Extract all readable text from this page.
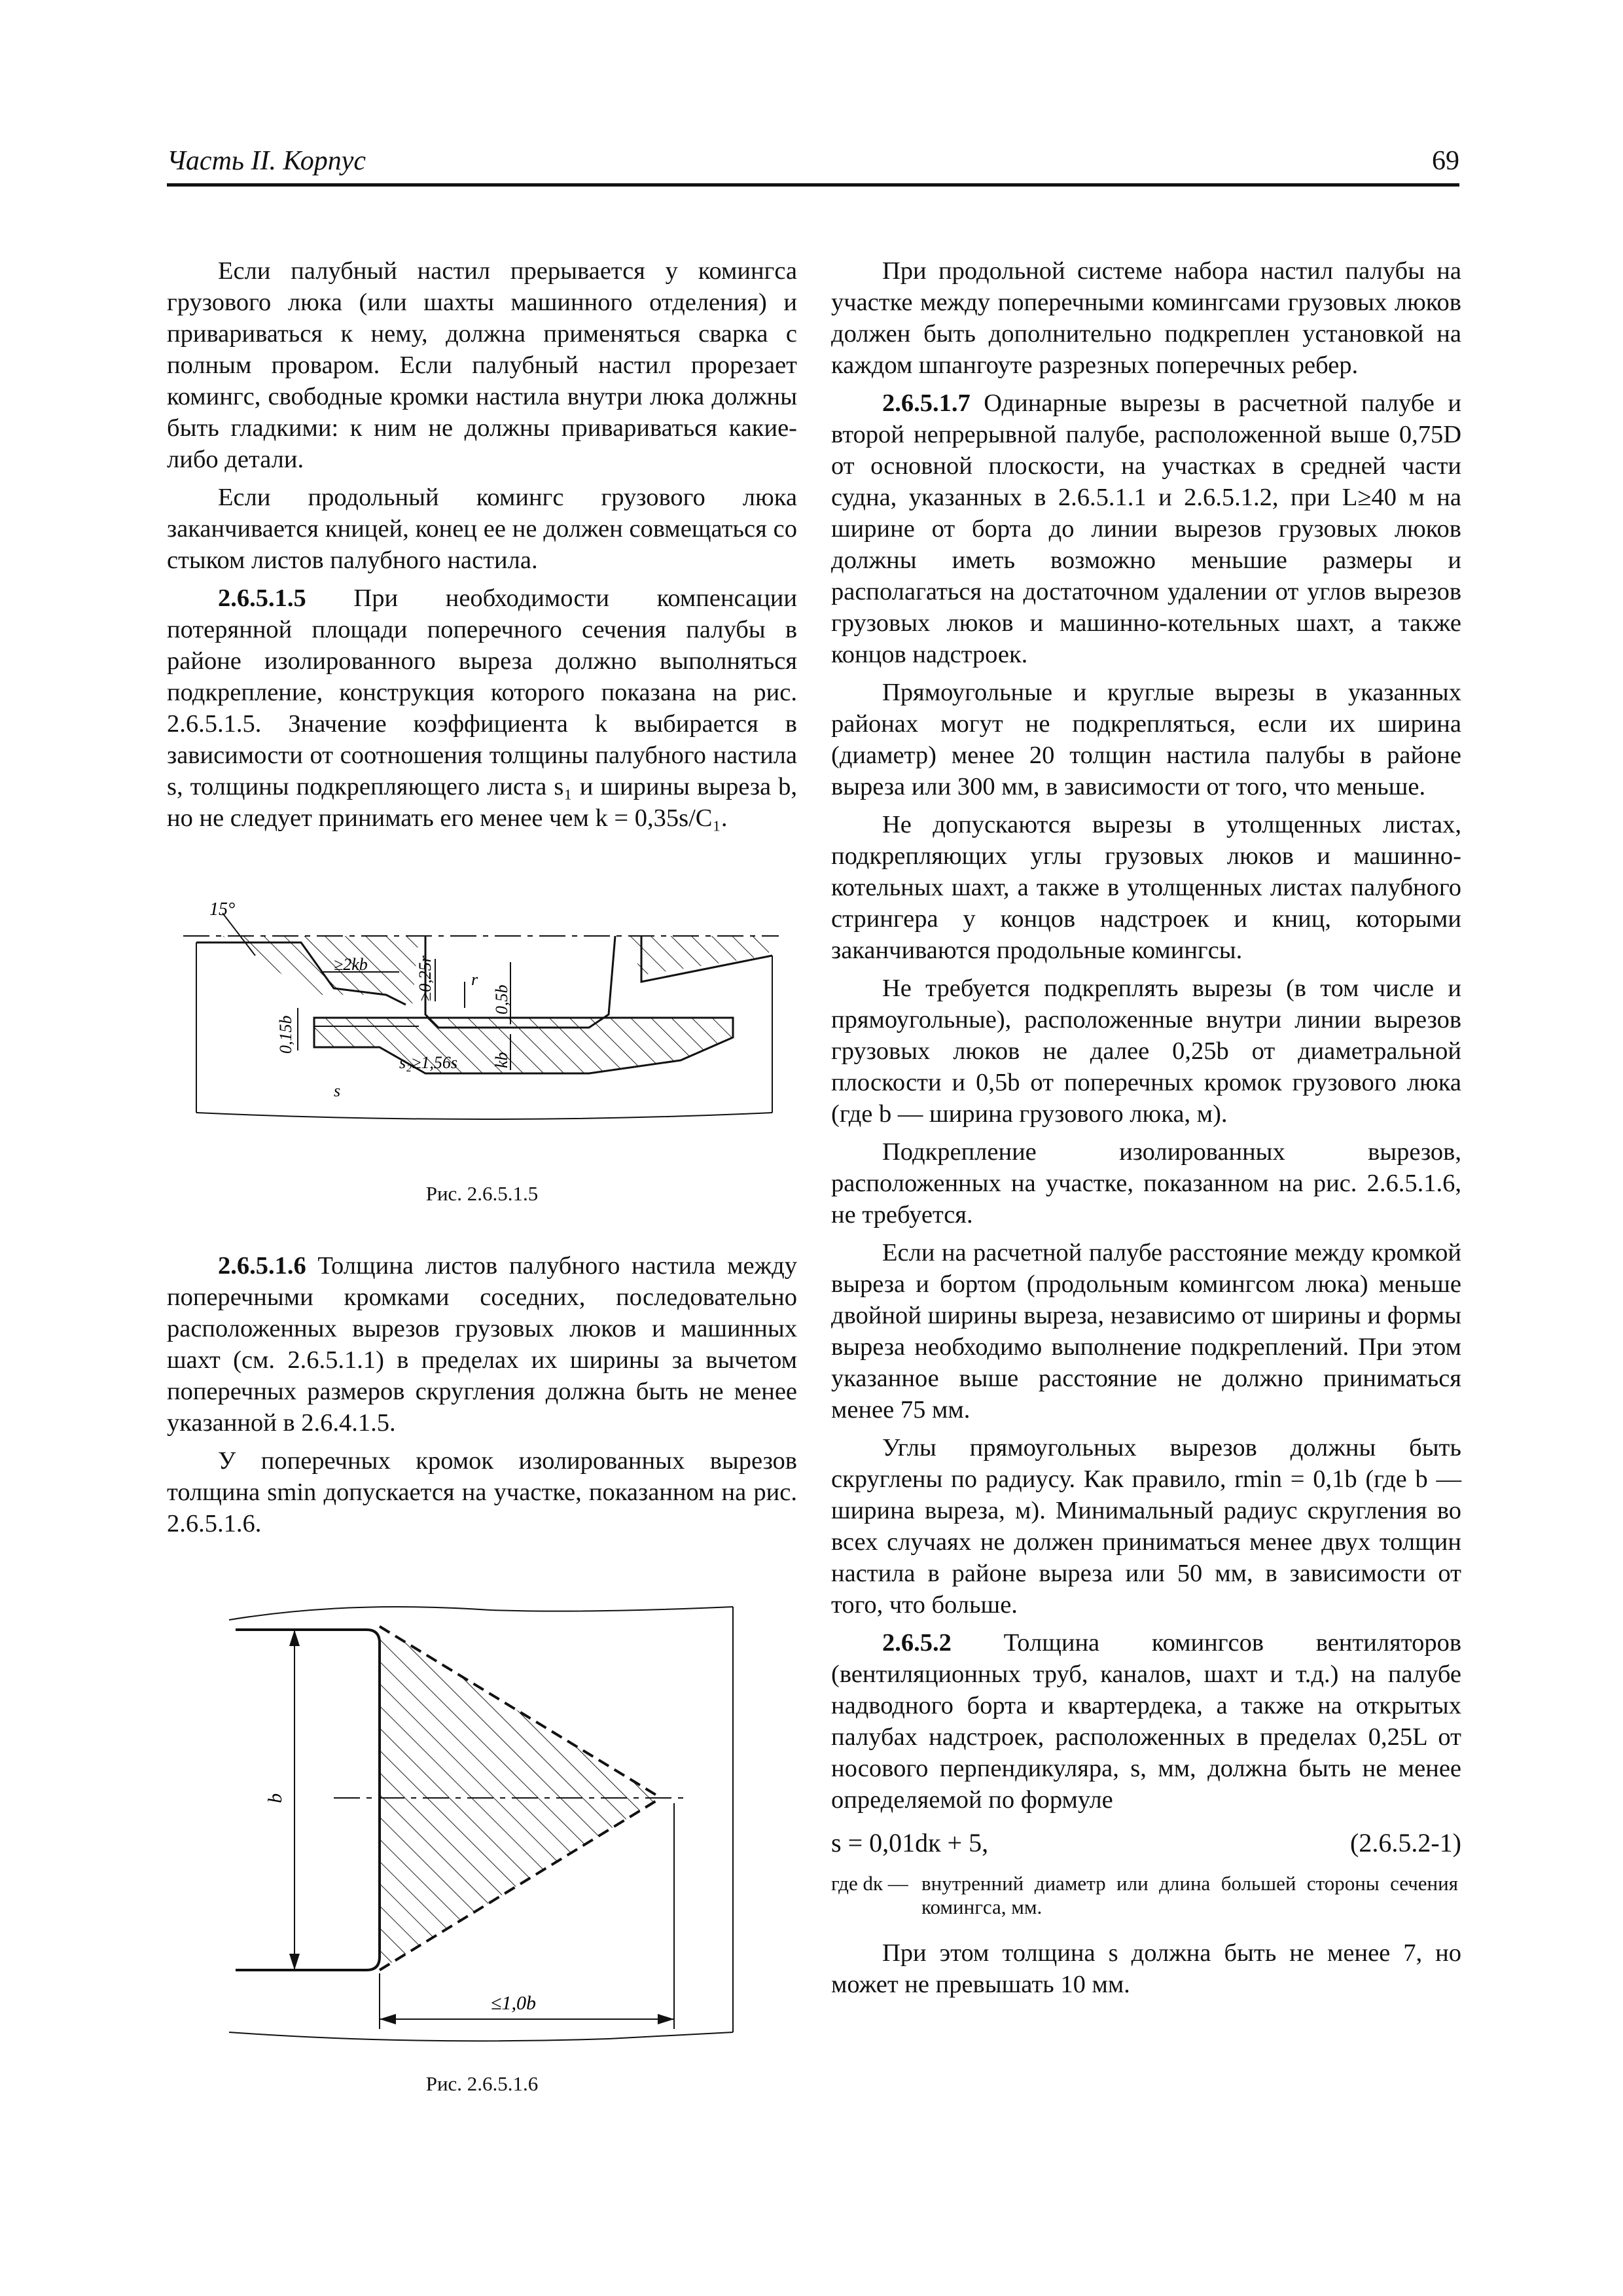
Часть II. Корпус	69

Если палубный настил прерывается у комингса грузового люка (или шахты машинного отделения) и привариваться к нему, должна применяться сварка с полным проваром. Если палубный настил прорезает комингс, свободные кромки настила внутри люка должны быть гладкими: к ним не должны привариваться какие-либо детали.

Если продольный комингс грузового люка заканчивается кницей, конец ее не должен совмещаться со стыком листов палубного настила.

2.6.5.1.5 При необходимости компенсации потерянной площади поперечного сечения палубы в районе изолированного выреза должно выполняться подкрепление, конструкция которого показана на рис. 2.6.5.1.5. Значение коэффициента k выбирается в зависимости от соотношения толщины палубного настила s, толщины подкрепляющего листа s₁ и ширины выреза b, но не следует принимать его менее чем k = 0,35s/C₁.

15°
≥2kb	≥0,25r r
0,5b
0,15b
s₂≥1,56s kb
s
Рис. 2.6.5.1.5

2.6.5.1.6 Толщина листов палубного настила между поперечными кромками соседних, последовательно расположенных вырезов грузовых люков и машинных шахт (см. 2.6.5.1.1) в пределах их ширины за вычетом поперечных размеров скругления должна быть не менее указанной в 2.6.4.1.5.

У поперечных кромок изолированных вырезов толщина smin допускается на участке, показанном на рис. 2.6.5.1.6.

b
≤1,0b
Рис. 2.6.5.1.6

При продольной системе набора настил палубы на участке между поперечными комингсами грузовых люков должен быть дополнительно подкреплен установкой на каждом шпангоуте разрезных поперечных ребер.

2.6.5.1.7 Одинарные вырезы в расчетной палубе и второй непрерывной палубе, расположенной выше 0,75D от основной плоскости, на участках в средней части судна, указанных в 2.6.5.1.1 и 2.6.5.1.2, при L≥40 м на ширине от борта до линии вырезов грузовых люков должны иметь возможно меньшие размеры и располагаться на достаточном удалении от углов вырезов грузовых люков и машинно-котельных шахт, а также концов надстроек.

Прямоугольные и круглые вырезы в указанных районах могут не подкрепляться, если их ширина (диаметр) менее 20 толщин настила палубы в районе выреза или 300 мм, в зависимости от того, что меньше.

Не допускаются вырезы в утолщенных листах, подкрепляющих углы грузовых люков и машинно-котельных шахт, а также в утолщенных листах палубного стрингера у концов надстроек и книц, которыми заканчиваются продольные комингсы.

Не требуется подкреплять вырезы (в том числе и прямоугольные), расположенные внутри линии вырезов грузовых люков не далее 0,25b от диаметральной плоскости и 0,5b от поперечных кромок грузового люка (где b — ширина грузового люка, м).

Подкрепление изолированных вырезов, расположенных на участке, показанном на рис. 2.6.5.1.6, не требуется.

Если на расчетной палубе расстояние между кромкой выреза и бортом (продольным комингсом люка) меньше двойной ширины выреза, независимо от ширины и формы выреза необходимо выполнение подкреплений. При этом указанное выше расстояние не должно приниматься менее 75 мм.

Углы прямоугольных вырезов должны быть скруглены по радиусу. Как правило, rmin = 0,1b (где b — ширина выреза, м). Минимальный радиус скругления во всех случаях не должен приниматься менее двух толщин настила в районе выреза или 50 мм, в зависимости от того, что больше.

2.6.5.2 Толщина комингсов вентиляторов (вентиляционных труб, каналов, шахт и т.д.) на палубе надводного борта и квартердека, а также на открытых палубах надстроек, расположенных в пределах 0,25L от носового перпендикуляра, s, мм, должна быть не менее определяемой по формуле

s = 0,01dк + 5,	(2.6.5.2-1)
где dк — внутренний диаметр или длина большей стороны сечения комингса, мм.

При этом толщина s должна быть не менее 7, но может не превышать 10 мм.
